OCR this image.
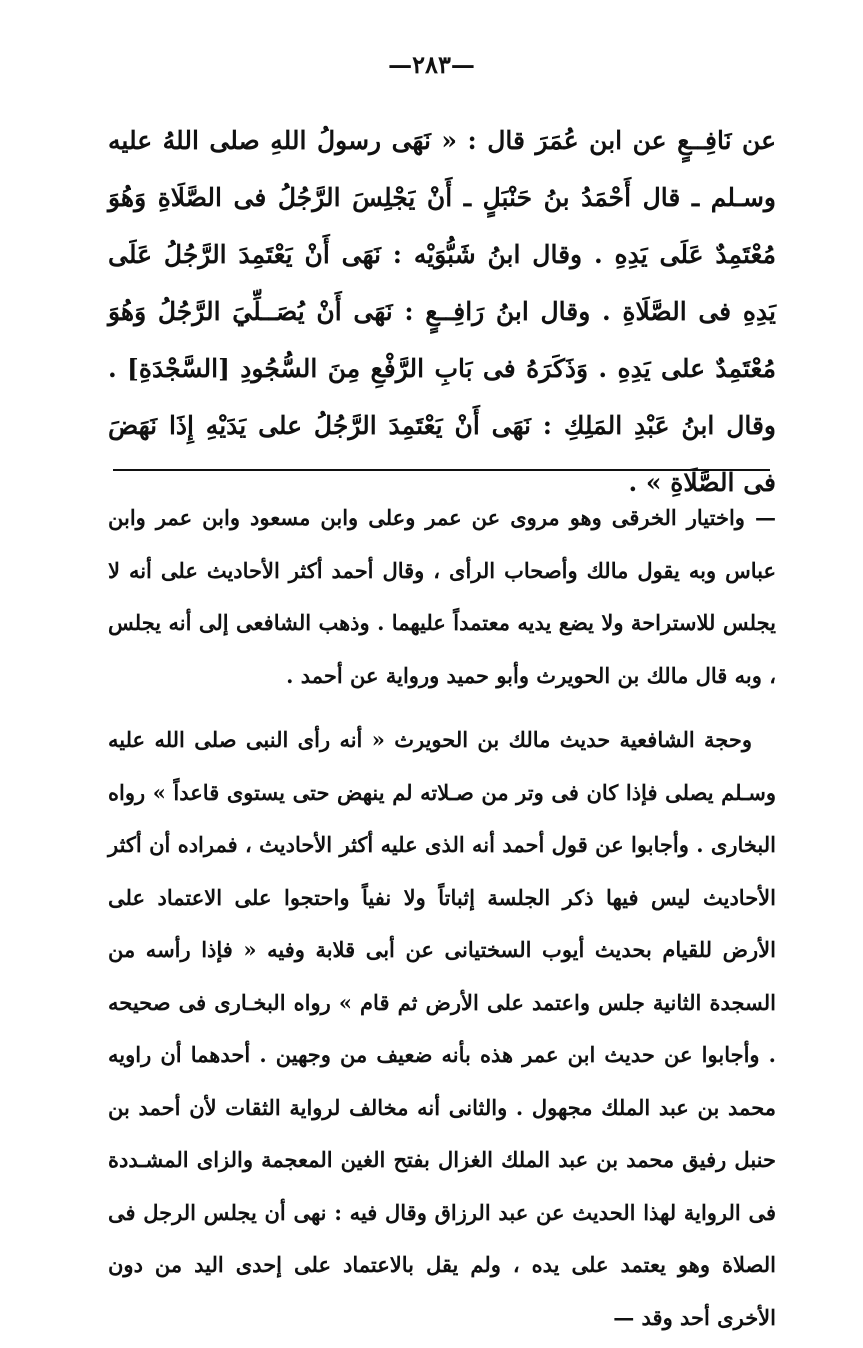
—٢٨٣—

عن نَافِــعٍ عن ابن عُمَرَ قال : « نَهَى رسولُ اللهِ صلى اللهُ عليه وسـلم ـ قال أَحْمَدُ بنُ حَنْبَلٍ ـ أَنْ يَجْلِسَ الرَّجُلُ فى الصَّلَاةِ وَهُوَ مُعْتَمِدٌ عَلَى يَدِهِ . وقال ابنُ شَبُّوَيْه : نَهَى أَنْ يَعْتَمِدَ الرَّجُلُ عَلَى يَدِهِ فى الصَّلَاةِ . وقال ابنُ رَافِــعٍ : نَهَى أَنْ يُصَــلِّيَ الرَّجُلُ وَهُوَ مُعْتَمِدٌ على يَدِهِ . وَذَكَرَهُ فى بَابِ الرَّفْعِ مِنَ السُّجُودِ [السَّجْدَةِ] . وقال ابنُ عَبْدِ المَلِكِ : نَهَى أَنْ يَعْتَمِدَ الرَّجُلُ على يَدَيْهِ إِذَا نَهَضَ فى الصَّلَاةِ » .

— واختيار الخرقى وهو مروى عن عمر وعلى وابن مسعود وابن عمر وابن عباس وبه يقول مالك وأصحاب الرأى ، وقال أحمد أكثر الأحاديث على أنه لا يجلس للاستراحة ولا يضع يديه معتمداً عليهما . وذهب الشافعى إلى أنه يجلس ، وبه قال مالك بن الحويرث وأبو حميد ورواية عن أحمد .

وحجة الشافعية حديث مالك بن الحويرث « أنه رأى النبى صلى الله عليه وسـلم يصلى فإذا كان فى وتر من صـلاته لم ينهض حتى يستوى قاعداً » رواه البخارى . وأجابوا عن قول أحمد أنه الذى عليه أكثر الأحاديث ، فمراده أن أكثر الأحاديث ليس فيها ذكر الجلسة إثباتاً ولا نفياً واحتجوا على الاعتماد على الأرض للقيام بحديث أيوب السختيانى عن أبى قلابة وفيه « فإذا رأسه من السجدة الثانية جلس واعتمد على الأرض ثم قام » رواه البخـارى فى صحيحه . وأجابوا عن حديث ابن عمر هذه بأنه ضعيف من وجهين . أحدهما أن راويه محمد بن عبد الملك مجهول . والثانى أنه مخالف لرواية الثقات لأن أحمد بن حنبل رفيق محمد بن عبد الملك الغزال بفتح الغين المعجمة والزاى المشـددة فى الرواية لهذا الحديث عن عبد الرزاق وقال فيه : نهى أن يجلس الرجل فى الصلاة وهو يعتمد على يده ، ولم يقل بالاعتماد على إحدى اليد من دون الأخرى أحد وقد —
